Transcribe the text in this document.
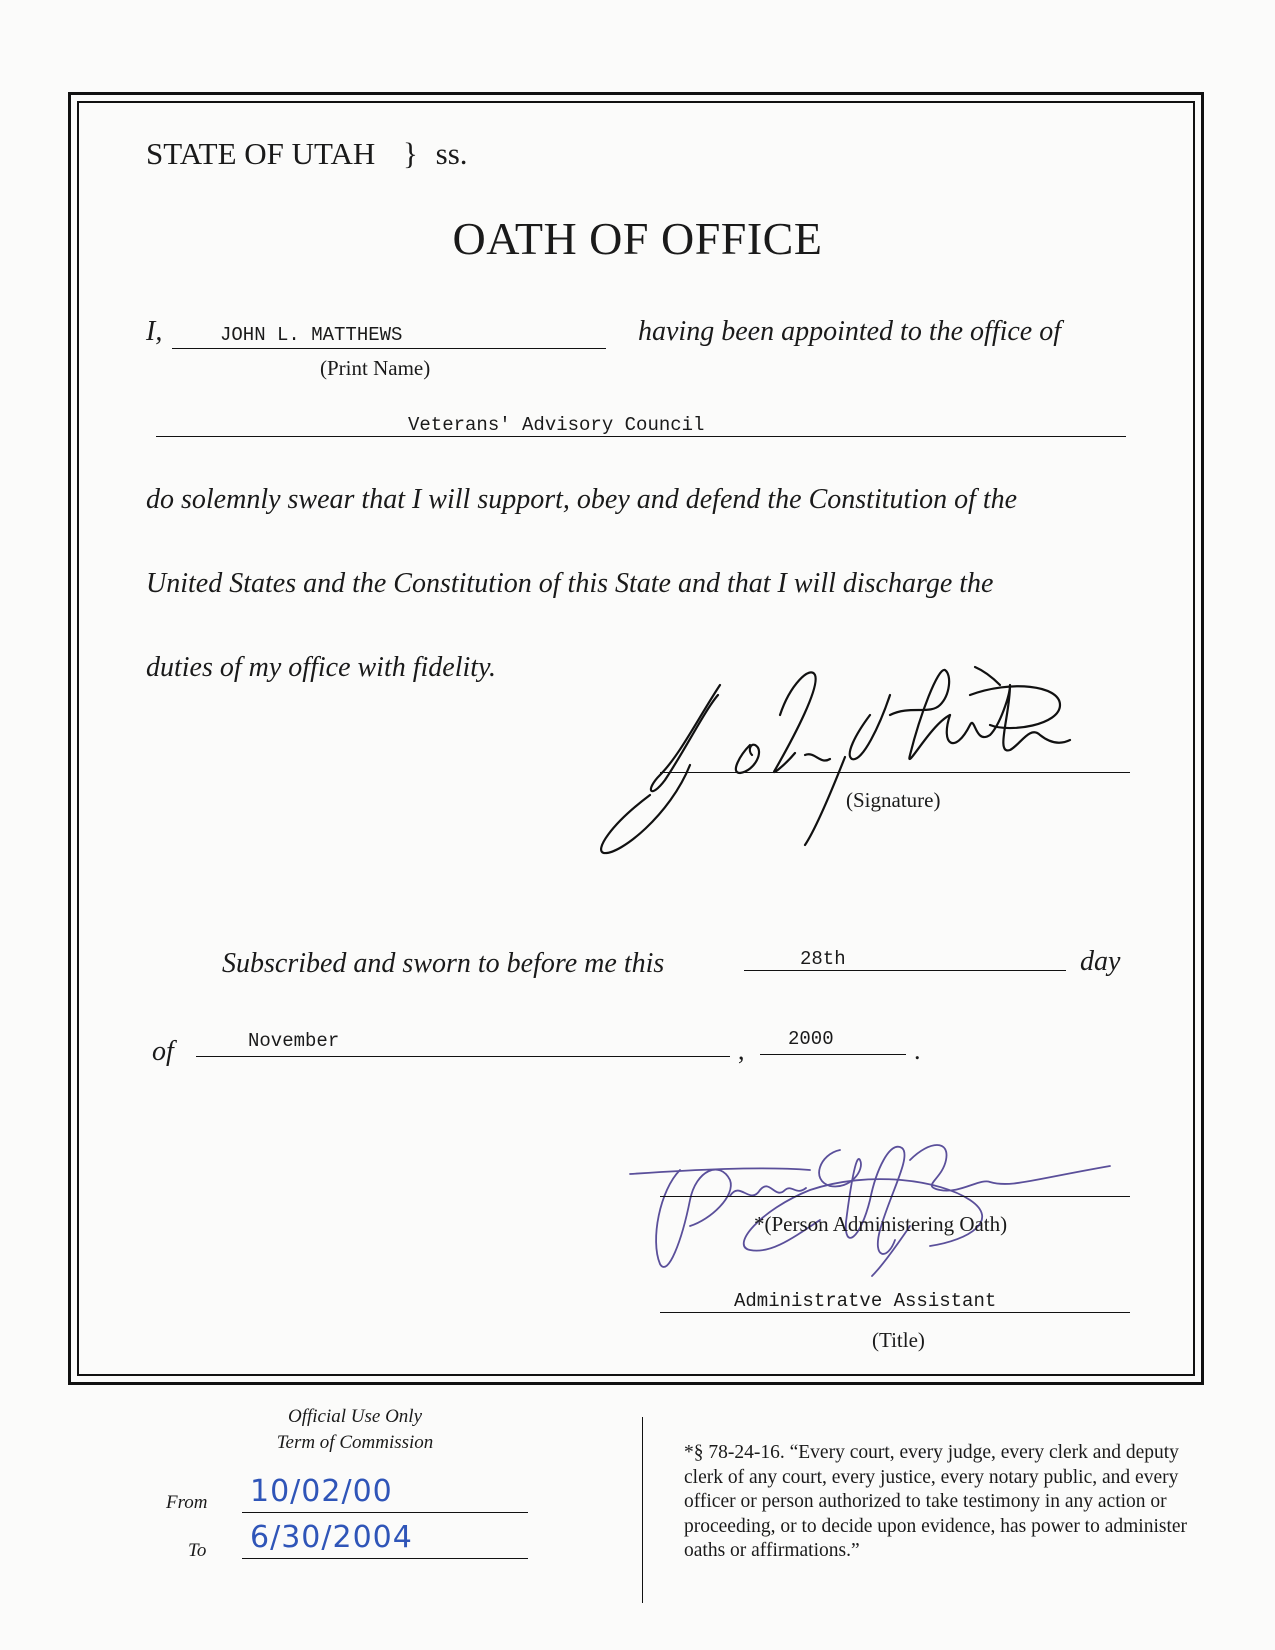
STATE OF UTAH } ss.
OATH OF OFFICE
I,	JOHN L. MATTHEWS
(Print Name)
having been appointed to the office of
Veterans' Advisory Council
do solemnly swear that I will support, obey and defend the Constitution of the
United States and the Constitution of this State and that I will discharge the
duties of my office with fidelity.
(Signature)
Subscribed and sworn to before me this	28th	day
of	November	, 2000	.
*(Person Administering Oath)
Administratve Assistant
(Title)
Official Use Only
Term of Commission
From 10/02/00
To 6/30/2004
*§ 78-24-16. “Every court, every judge, every clerk and deputy clerk of any court, every justice, every notary public, and every officer or person authorized to take testimony in any action or proceeding, or to decide upon evidence, has power to administer oaths or affirmations.”
